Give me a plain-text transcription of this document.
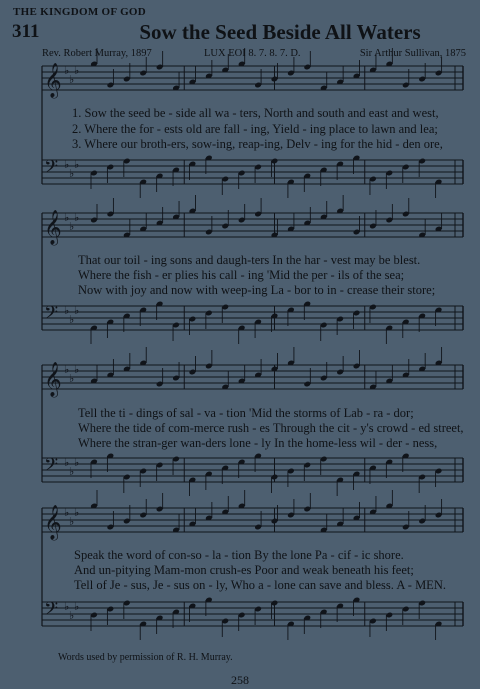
THE KINGDOM OF GOD
311	Sow the Seed Beside All Waters
Rev. Robert Murray, 1897	LUX EOI 8. 7. 8. 7. D.	Sir Arthur Sullivan, 1875
𝄞 ♭
♭
♭
𝄢 ♭
♭
♭
𝄞 ♭
♭
♭
𝄢 ♭
♭
♭
𝄞 ♭
♭
♭
𝄢 ♭
♭
♭
𝄞 ♭
♭
♭
𝄢 ♭
♭
♭
1. Sow the seed be - side all wa - ters, North and south and east and west,
2. Where the for - ests old are fall - ing, Yield - ing place to lawn and lea;
3. Where our broth-ers, sow-ing, reap-ing, Delv - ing for the hid - den ore,
That our toil - ing sons and daugh-ters In the har - vest may be blest.
Where the fish - er plies his call - ing 'Mid the per - ils of the sea;
Now with joy and now with weep-ing La - bor to in - crease their store;
Tell the ti - dings of sal - va - tion 'Mid the storms of Lab - ra - dor;
Where the tide of com-merce rush - es Through the cit - y's crowd - ed street,
Where the stran-ger wan-ders lone - ly In the home-less wil - der - ness,
Speak the word of con-so - la - tion By the lone Pa - cif - ic shore.
And un-pitying Mam-mon crush-es Poor and weak beneath his feet;
Tell of Je - sus, Je - sus on - ly, Who a - lone can save and bless. A - MEN.
Words used by permission of R. H. Murray.
258
